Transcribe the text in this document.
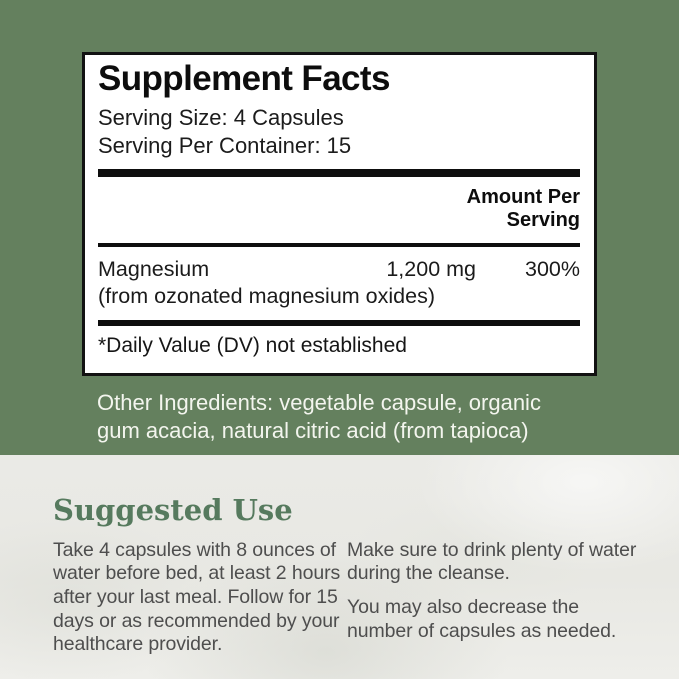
Supplement Facts
Serving Size: 4 Capsules
Serving Per Container: 15
Amount Per
Serving
Magnesium	1,200 mg	300%
(from ozonated magnesium oxides)
*Daily Value (DV) not established

Other Ingredients: vegetable capsule, organic gum acacia, natural citric acid (from tapioca)

Suggested Use

Take 4 capsules with 8 ounces of water before bed, at least 2 hours after your last meal. Follow for 15 days or as recommended by your healthcare provider.

Make sure to drink plenty of water during the cleanse.

You may also decrease the number of capsules as needed.
